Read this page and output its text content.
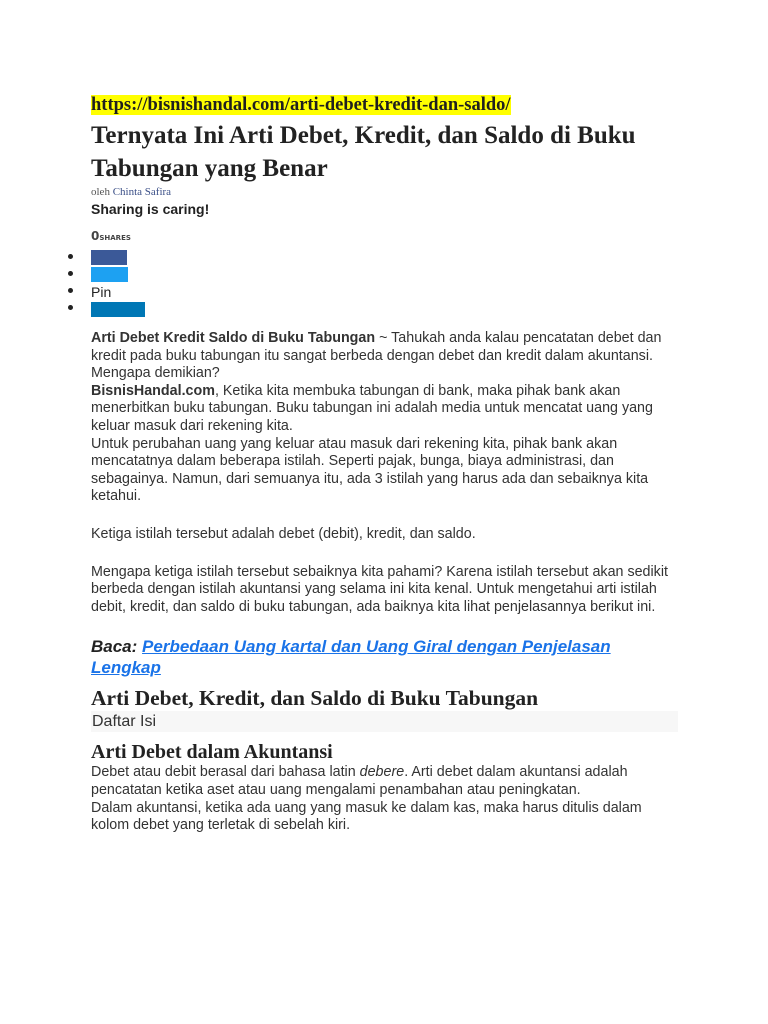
https://bisnishandal.com/arti-debet-kredit-dan-saldo/
Ternyata Ini Arti Debet, Kredit, dan Saldo di Buku Tabungan yang Benar
oleh Chinta Safira
Sharing is caring!
0shares
Pin

Arti Debet Kredit Saldo di Buku Tabungan ~ Tahukah anda kalau pencatatan debet dan kredit pada buku tabungan itu sangat berbeda dengan debet dan kredit dalam akuntansi. Mengapa demikian?

BisnisHandal.com, Ketika kita membuka tabungan di bank, maka pihak bank akan menerbitkan buku tabungan. Buku tabungan ini adalah media untuk mencatat uang yang keluar masuk dari rekening kita.

Untuk perubahan uang yang keluar atau masuk dari rekening kita, pihak bank akan mencatatnya dalam beberapa istilah. Seperti pajak, bunga, biaya administrasi, dan sebagainya. Namun, dari semuanya itu, ada 3 istilah yang harus ada dan sebaiknya kita ketahui.

Ketiga istilah tersebut adalah debet (debit), kredit, dan saldo.

Mengapa ketiga istilah tersebut sebaiknya kita pahami? Karena istilah tersebut akan sedikit berbeda dengan istilah akuntansi yang selama ini kita kenal. Untuk mengetahui arti istilah debit, kredit, dan saldo di buku tabungan, ada baiknya kita lihat penjelasannya berikut ini.

Baca: Perbedaan Uang kartal dan Uang Giral dengan Penjelasan Lengkap
Arti Debet, Kredit, dan Saldo di Buku Tabungan
Daftar Isi
Arti Debet dalam Akuntansi

Debet atau debit berasal dari bahasa latin debere. Arti debet dalam akuntansi adalah pencatatan ketika aset atau uang mengalami penambahan atau peningkatan.

Dalam akuntansi, ketika ada uang yang masuk ke dalam kas, maka harus ditulis dalam kolom debet yang terletak di sebelah kiri.
